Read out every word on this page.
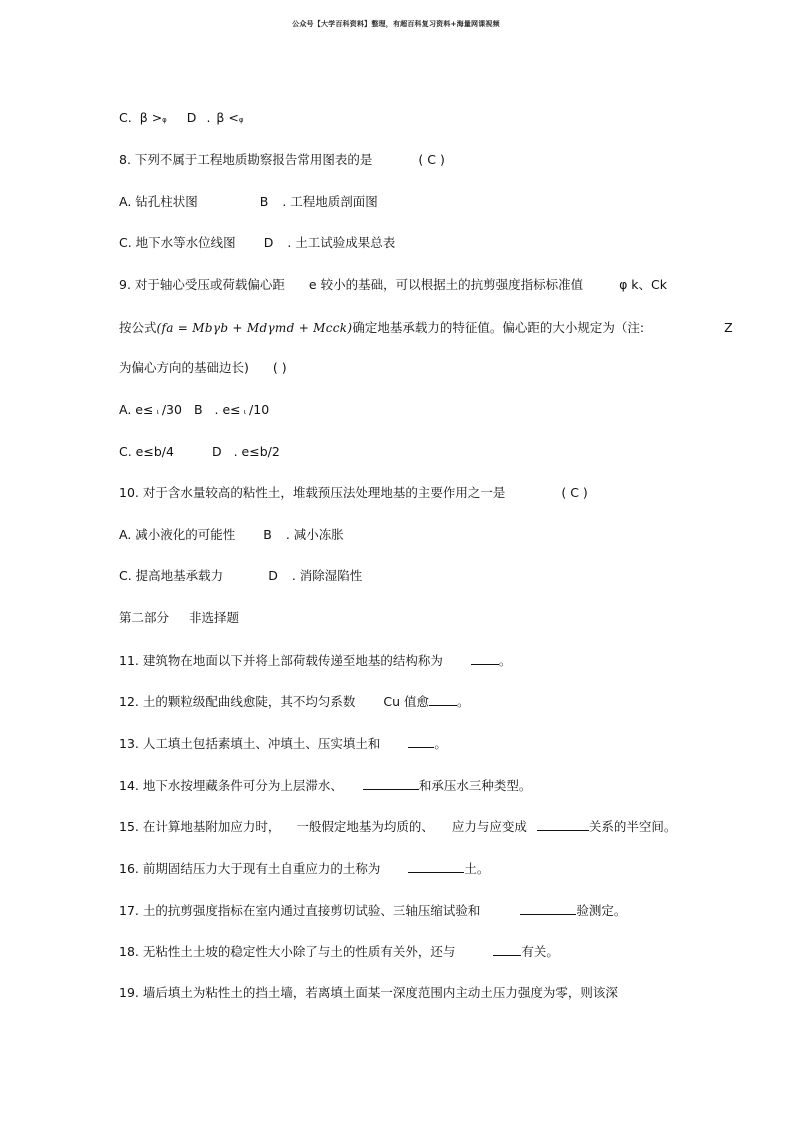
公众号【大学百科资料】整理，有超百科复习资料+海量网课视频
C. β >φ D . β <φ
8. 下列不属于工程地质勘察报告常用图表的是	( C )
A. 钻孔柱状图	B . 工程地质剖面图
C. 地下水等水位线图 D . 土工试验成果总表
9. 对于轴心受压或荷载偏心距 e 较小的基础，可以根据土的抗剪强度指标标准值	φ k、Ck
按公式(fa = Mbγb + Mdγmd + Mcck)确定地基承载力的特征值。偏心距的大小规定为（注:	Z
为偏心方向的基础边长) ( )
A. e≤ ι /30 B . e≤ ι /10
C. e≤b/4	D . e≤b/2
10. 对于含水量较高的粘性土，堆载预压法处理地基的主要作用之一是	( C )
A. 减小液化的可能性 B . 减小冻胀
C. 提高地基承载力	D . 消除湿陷性
第二部分 非选择题
11. 建筑物在地面以下并将上部荷载传递至地基的结构称为	。
12. 土的颗粒级配曲线愈陡，其不均匀系数 Cu 值愈 。
13. 人工填土包括素填土、冲填土、压实填土和	。
14. 地下水按埋藏条件可分为上层滞水、	和承压水三种类型。
15. 在计算地基附加应力时， 一般假定地基为均质的、 应力与应变成	关系的半空间。
16. 前期固结压力大于现有土自重应力的土称为	土。
17. 土的抗剪强度指标在室内通过直接剪切试验、三轴压缩试验和	验测定。
18. 无粘性土土坡的稳定性大小除了与土的性质有关外，还与	有关。
19. 墙后填土为粘性土的挡土墙，若离填土面某一深度范围内主动土压力强度为零，则该深
